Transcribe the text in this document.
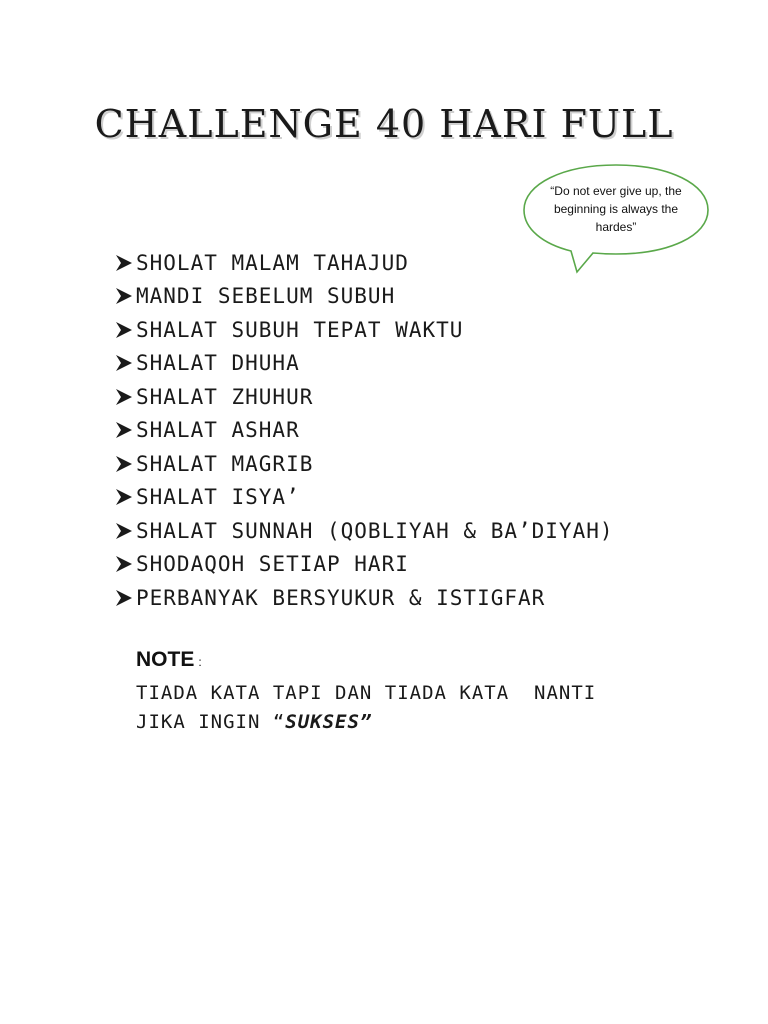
CHALLENGE 40 HARI FULL
“Do not ever give up, the beginning is always the hardes”
SHOLAT MALAM TAHAJUD
MANDI SEBELUM SUBUH
SHALAT SUBUH TEPAT WAKTU
SHALAT DHUHA
SHALAT ZHUHUR
SHALAT ASHAR
SHALAT MAGRIB
SHALAT ISYA’
SHALAT SUNNAH (QOBLIYAH & BA’DIYAH)
SHODAQOH SETIAP HARI
PERBANYAK BERSYUKUR & ISTIGFAR
NOTE :
TIADA KATA TAPI DAN TIADA KATA  NANTI
JIKA INGIN “SUKSES”
